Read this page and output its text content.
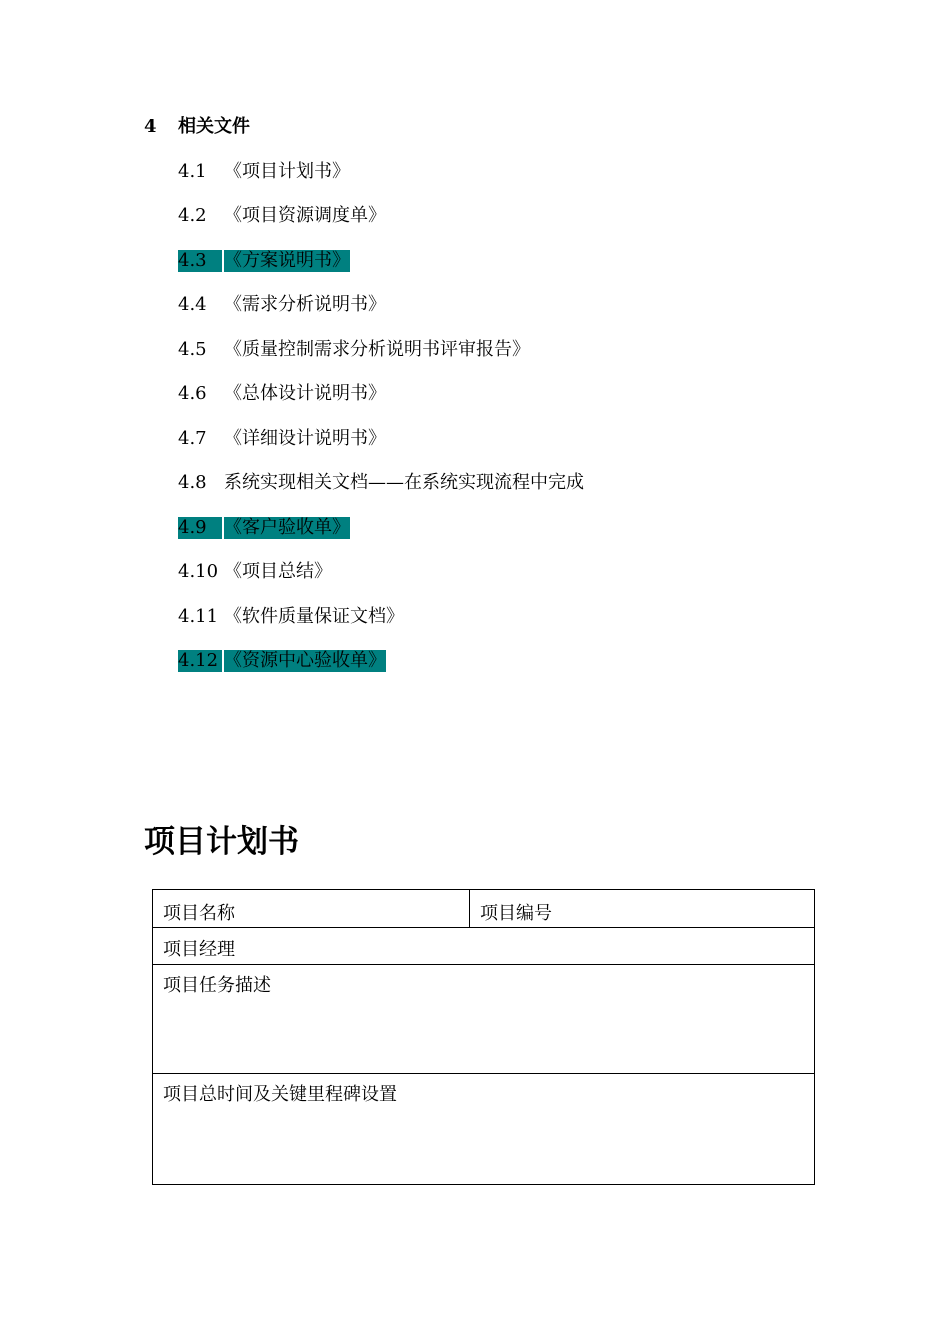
4 相关文件
4.1 《项目计划书》
4.2 《项目资源调度单》
4.3 《方案说明书》
4.4 《需求分析说明书》
4.5 《质量控制需求分析说明书评审报告》
4.6 《总体设计说明书》
4.7 《详细设计说明书》
4.8 系统实现相关文档——在系统实现流程中完成
4.9 《客户验收单》
4.10 《项目总结》
4.11 《软件质量保证文档》
4.12 《资源中心验收单》
项目计划书
项目名称	项目编号

项目经理

项目任务描述

项目总时间及关键里程碑设置
